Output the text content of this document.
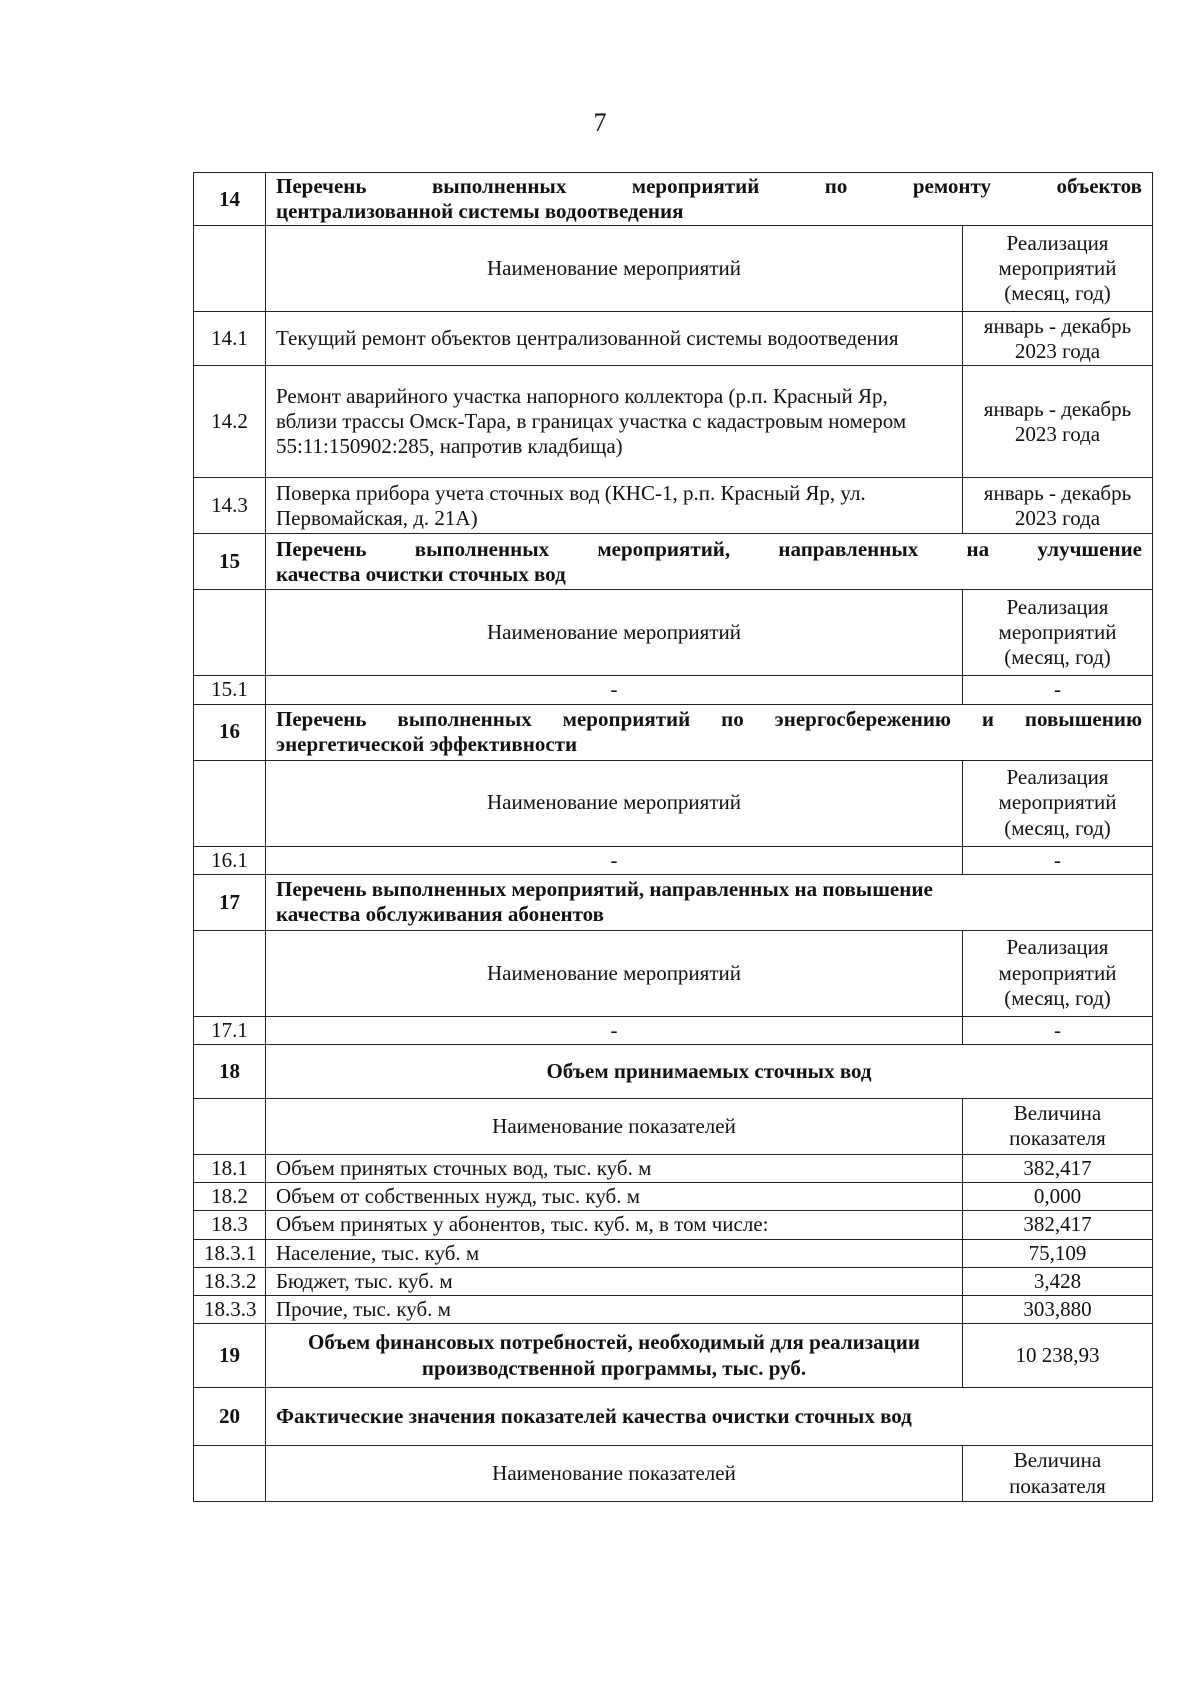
7
14	Перечень выполненных мероприятий по ремонту объектов
централизованной системы водоотведения	

	Наименование мероприятий	Реализация мероприятий (месяц, год)
14.1	Текущий ремонт объектов централизованной системы водоотведения	январь - декабрь 2023 года
14.2	Ремонт аварийного участка напорного коллектора (р.п. Красный Яр, вблизи трассы Омск-Тара, в границах участка с кадастровым номером 55:11:150902:285, напротив кладбища)	январь - декабрь 2023 года
14.3	Поверка прибора учета сточных вод (КНС-1, р.п. Красный Яр, ул. Первомайская, д. 21А)	январь - декабрь 2023 года
15	Перечень выполненных мероприятий, направленных на улучшение
качества очистки сточных вод	

	Наименование мероприятий	Реализация мероприятий (месяц, год)
15.1	-	-
16	Перечень выполненных мероприятий по энергосбережению и повышению
энергетической эффективности	

	Наименование мероприятий	Реализация мероприятий (месяц, год)
16.1	-	-
17	Перечень выполненных мероприятий, направленных на повышение
качества обслуживания абонентов	

	Наименование мероприятий	Реализация мероприятий (месяц, год)
17.1	-	-
18	Объем принимаемых сточных вод	
	Наименование показателей	Величина показателя
18.1	Объем принятых сточных вод, тыс. куб. м	382,417
18.2	Объем от собственных нужд, тыс. куб. м	0,000
18.3	Объем принятых у абонентов, тыс. куб. м, в том числе:	382,417
18.3.1	Население, тыс. куб. м	75,109
18.3.2	Бюджет, тыс. куб. м	3,428
18.3.3	Прочие, тыс. куб. м	303,880
19	Объем финансовых потребностей, необходимый для реализации производственной программы, тыс. руб.	10 238,93
20	Фактические значения показателей качества очистки сточных вод	
	Наименование показателей	Величина показателя
